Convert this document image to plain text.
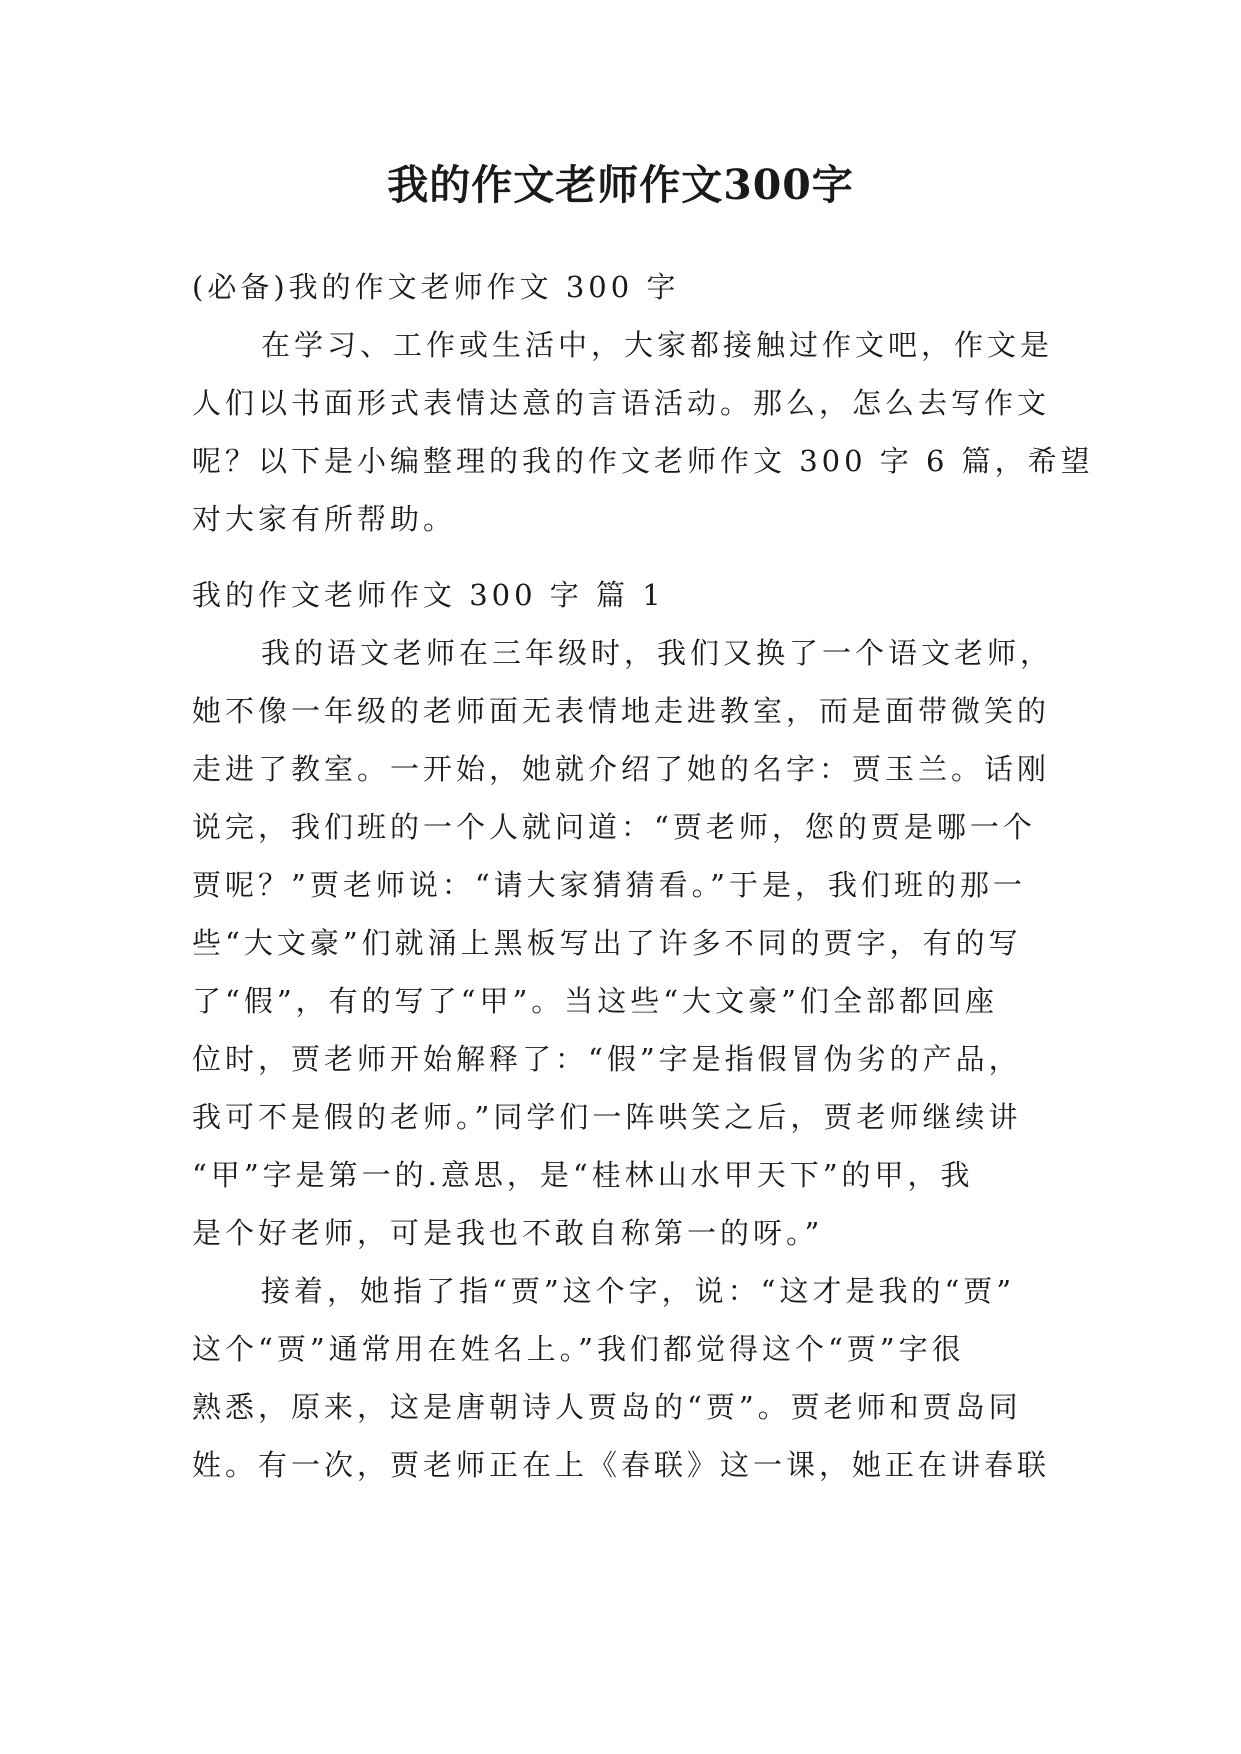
我的作文老师作文300字
(必备)我的作文老师作文 300 字
在学习、工作或生活中，大家都接触过作文吧，作文是
人们以书面形式表情达意的言语活动。那么，怎么去写作文
呢？以下是小编整理的我的作文老师作文 300 字 6 篇，希望
对大家有所帮助。
我的作文老师作文 300 字 篇 1
我的语文老师在三年级时，我们又换了一个语文老师，
她不像一年级的老师面无表情地走进教室，而是面带微笑的
走进了教室。一开始，她就介绍了她的名字：贾玉兰。话刚
说完，我们班的一个人就问道：“贾老师，您的贾是哪一个
贾呢？”贾老师说：“请大家猜猜看。”于是，我们班的那一
些“大文豪”们就涌上黑板写出了许多不同的贾字，有的写
了“假”，有的写了“甲”。当这些“大文豪”们全部都回座
位时，贾老师开始解释了：“假”字是指假冒伪劣的产品，
我可不是假的老师。”同学们一阵哄笑之后，贾老师继续讲
“甲”字是第一的.意思，是“桂林山水甲天下”的甲，我
是个好老师，可是我也不敢自称第一的呀。”
接着，她指了指“贾”这个字，说：“这才是我的“贾”
这个“贾”通常用在姓名上。”我们都觉得这个“贾”字很
熟悉，原来，这是唐朝诗人贾岛的“贾”。贾老师和贾岛同
姓。有一次，贾老师正在上《春联》这一课，她正在讲春联
